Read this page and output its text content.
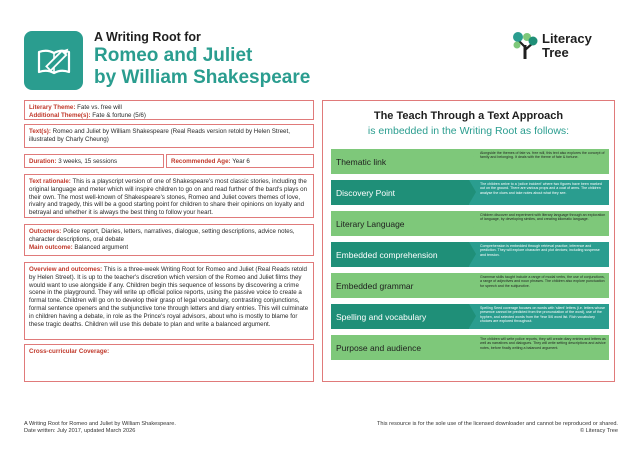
A Writing Root for
Romeo and Juliet
by William Shakespeare
Literacy
Tree
Literary Theme: Fate vs. free will
Additional Theme(s): Fate & fortune (5/6)
Text(s): Romeo and Juliet by William Shakespeare (Real Reads version retold by Helen Street, illustrated by Charly Cheung)
Duration: 3 weeks, 15 sessions	Recommended Age: Year 6
Text rationale: This is a playscript version of one of Shakespeare's most classic stories, including the original language and meter which will inspire children to go on and read further of the bard's plays on their own. The most well-known of Shakespeare's stones, Romeo and Juliet covers themes of love, rivalry and tragedy, this will be a good starting point for children to share their opinions on loyalty and betrayal and whether it is always the best thing to follow your heart.
Outcomes: Police report, Diaries, letters, narratives, dialogue, setting descriptions, advice notes, character descriptions, oral debate
Main outcome: Balanced argument
Overview and outcomes: This is a three-week Writing Root for Romeo and Juliet (Real Reads retold by Helen Street). It is up to the teacher's discretion which version of the Romeo and Juliet films they would want to use alongside if any. Children begin this sequence of lessons by discovering a crime scene in the playground. They will write up official police reports, using the passive voice to create a formal tone. Children will go on to develop their grasp of legal vocabulary, contrasting conjunctions, formal sentence openers and the subjunctive tone through letters and diary entries. This will culminate in children having a debate, in role as the Prince's royal advisors, about who is mostly to blame for these tragic deaths. Children will use this debate to plan and write a balanced argument.
Cross-curricular Coverage:
The Teach Through a Text Approach
is embedded in the Writing Root as follows:
Thematic link
Alongside the themes of fate vs. free will, this text also explores the concept of family and belonging. It deals with the theme of fate & fortune.
Discovery Point
The children arrive to a 'police incident' where two figures have been marked out on the ground. There are various props and a coat of arms. The children analyse the clues and take notes about what they see.
Literary Language
Children discover and experiment with literary language through an exploration of language, by developing similes, and creating idiomatic language.
Embedded comprehension
Comprehension is embedded through retrieval practice, inference and prediction. They will explore character and plot devices; including suspense and tension.
Embedded grammar
Grammar skills taught include a range of modal verbs, the use of conjunctions, a range of adjectives and noun phrases. The children also explore punctuation for speech and the subjunctive.
Spelling and vocabulary
Spelling Seed coverage focuses on words with 'silent' letters (i.e. letters whose presence cannot be predicted from the pronunciation of the word), use of the hyphen, and selected words from the Year 5/6 word list. Rich vocabulary choices are explored throughout.
Purpose and audience
The children will write police reports, they will create diary entries and letters as well as narratives and dialogues. They will write setting descriptions and advice notes, before finally writing a balanced argument.
A Writing Root for Romeo and Juliet by William Shakespeare.
Date written: July 2017, updated March 2026
This resource is for the sole use of the licensed downloader and cannot be reproduced or shared.
© Literacy Tree
